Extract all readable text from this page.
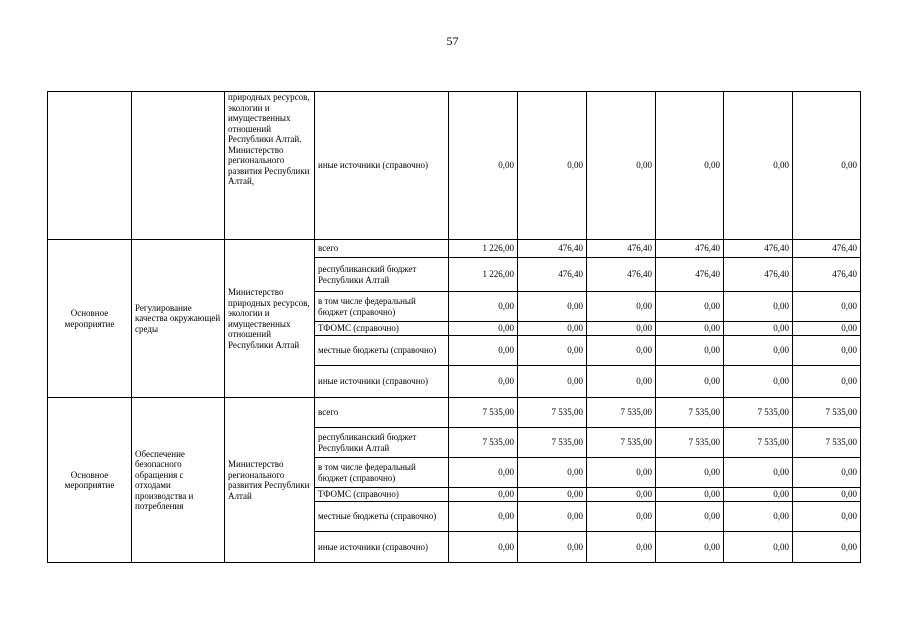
57
		природных ресурсов, экологии и имущественных отношений Республики Алтай. Министерство регионального развития Республики Алтай,	иные источники (справочно)	0,00	0,00	0,00	0,00	0,00	0,00
Основное мероприятие	Регулирование качества окружающей среды	Министерство природных ресурсов, экологии и имущественных отношений Республики Алтай	всего	1 226,00	476,40	476,40	476,40	476,40	476,40
			республиканский бюджет Республики Алтай	1 226,00	476,40	476,40	476,40	476,40	476,40
			в том числе федеральный бюджет (справочно)	0,00	0,00	0,00	0,00	0,00	0,00
			ТФОМС (справочно)	0,00	0,00	0,00	0,00	0,00	0,00
			местные бюджеты (справочно)	0,00	0,00	0,00	0,00	0,00	0,00
			иные источники (справочно)	0,00	0,00	0,00	0,00	0,00	0,00
Основное мероприятие	Обеспечение безопасного обращения с отходами производства и потребления	Министерство регионального развития Республики Алтай	всего	7 535,00	7 535,00	7 535,00	7 535,00	7 535,00	7 535,00
			республиканский бюджет Республики Алтай	7 535,00	7 535,00	7 535,00	7 535,00	7 535,00	7 535,00
			в том числе федеральный бюджет (справочно)	0,00	0,00	0,00	0,00	0,00	0,00
			ТФОМС (справочно)	0,00	0,00	0,00	0,00	0,00	0,00
			местные бюджеты (справочно)	0,00	0,00	0,00	0,00	0,00	0,00
			иные источники (справочно)	0,00	0,00	0,00	0,00	0,00	0,00
